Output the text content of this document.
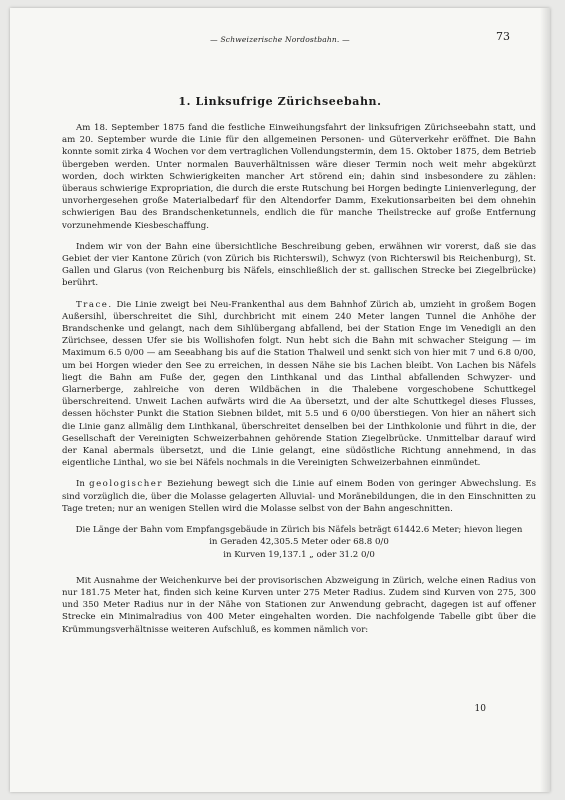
— Schweizerische Nordostbahn. —	73
1. Linksufrige Zürichseebahn.

Am 18. September 1875 fand die festliche Einweihungsfahrt der linksufrigen Zürichseebahn statt, und am 20. September wurde die Linie für den allgemeinen Personen- und Güterverkehr eröffnet. Die Bahn konnte somit zirka 4 Wochen vor dem vertraglichen Vollendungstermin, dem 15. Oktober 1875, dem Betrieb übergeben werden. Unter normalen Bauverhältnissen wäre dieser Termin noch weit mehr abgekürzt worden, doch wirkten Schwierigkeiten mancher Art störend ein; dahin sind insbesondere zu zählen: überaus schwierige Expropriation, die durch die erste Rutschung bei Horgen bedingte Linienverlegung, der unvorhergesehen große Materialbedarf für den Altendorfer Damm, Exekutionsarbeiten bei dem ohnehin schwierigen Bau des Brandschenketunnels, endlich die für manche Theilstrecke auf große Entfernung vorzunehmende Kiesbeschaffung.

Indem wir von der Bahn eine übersichtliche Beschreibung geben, erwähnen wir vorerst, daß sie das Gebiet der vier Kantone Zürich (von Zürich bis Richterswil), Schwyz (von Richterswil bis Reichenburg), St. Gallen und Glarus (von Reichenburg bis Näfels, einschließlich der st. gallischen Strecke bei Ziegelbrücke) berührt.

Trace. Die Linie zweigt bei Neu-Frankenthal aus dem Bahnhof Zürich ab, umzieht in großem Bogen Außersihl, überschreitet die Sihl, durchbricht mit einem 240 Meter langen Tunnel die Anhöhe der Brandschenke und gelangt, nach dem Sihlübergang abfallend, bei der Station Enge im Venedigli an den Zürichsee, dessen Ufer sie bis Wollishofen folgt. Nun hebt sich die Bahn mit schwacher Steigung — im Maximum 6.5 0/00 — am Seeabhang bis auf die Station Thalweil und senkt sich von hier mit 7 und 6.8 0/00, um bei Horgen wieder den See zu erreichen, in dessen Nähe sie bis Lachen bleibt. Von Lachen bis Näfels liegt die Bahn am Fuße der, gegen den Linthkanal und das Linthal abfallenden Schwyzer- und Glarnerberge, zahlreiche von deren Wildbächen in die Thalebene vorgeschobene Schuttkegel überschreitend. Unweit Lachen aufwärts wird die Aa übersetzt, und der alte Schuttkegel dieses Flusses, dessen höchster Punkt die Station Siebnen bildet, mit 5.5 und 6 0/00 überstiegen. Von hier an nähert sich die Linie ganz allmälig dem Linthkanal, überschreitet denselben bei der Linthkolonie und führt in die, der Gesellschaft der Vereinigten Schweizerbahnen gehörende Station Ziegelbrücke. Unmittelbar darauf wird der Kanal abermals übersetzt, und die Linie gelangt, eine südöstliche Richtung annehmend, in das eigentliche Linthal, wo sie bei Näfels nochmals in die Vereinigten Schweizerbahnen einmündet.

In geologischer Beziehung bewegt sich die Linie auf einem Boden von geringer Abwechslung. Es sind vorzüglich die, über die Molasse gelagerten Alluvial- und Moränebildungen, die in den Einschnitten zu Tage treten; nur an wenigen Stellen wird die Molasse selbst von der Bahn angeschnitten.

Die Länge der Bahn vom Empfangsgebäude in Zürich bis Näfels beträgt 61442.6 Meter; hievon liegen
in Geraden 42,305.5 Meter oder 68.8 0/0
in Kurven 19,137.1 „ oder 31.2 0/0

Mit Ausnahme der Weichenkurve bei der provisorischen Abzweigung in Zürich, welche einen Radius von nur 181.75 Meter hat, finden sich keine Kurven unter 275 Meter Radius. Zudem sind Kurven von 275, 300 und 350 Meter Radius nur in der Nähe von Stationen zur Anwendung gebracht, dagegen ist auf offener Strecke ein Minimalradius von 400 Meter eingehalten worden. Die nachfolgende Tabelle gibt über die Krümmungsverhältnisse weiteren Aufschluß, es kommen nämlich vor:

10
